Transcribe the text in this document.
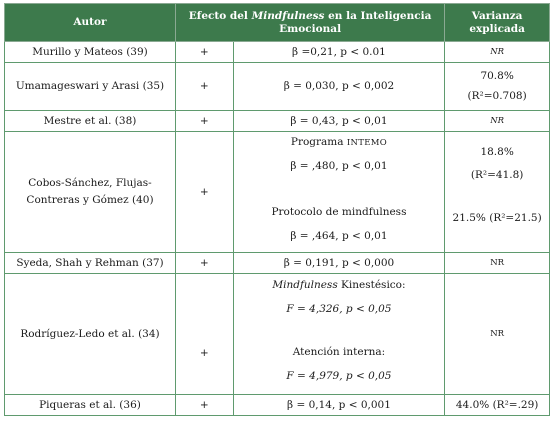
Autor	Efecto del Mindfulness en la Inteligencia Emocional		Varianza explicada
Murillo y Mateos (39)	+	β =0,21, p < 0.01	NR
Umamageswari y Arasi (35)	+	β = 0,030, p < 0,002	70.8%
(R²=0.708)

Mestre et al. (38)	+	β = 0,43, p < 0,01	NR
Cobos-Sánchez, Flujas-Contreras y Gómez (40)	+	Programa INTEMO
β = ,480, p < 0,01
Protocolo de mindfulness
β = ,464, p < 0,01	18.8%
(R²=41.8)
21.5% (R²=21.5)

Syeda, Shah y Rehman (37)	+	β = 0,191, p < 0,000	NR
Rodríguez-Ledo et al. (34)	+	Mindfulness Kinestésico:
F = 4,326, p < 0,05
Atención interna:
F = 4,979, p < 0,05	NR
Piqueras et al. (36)	+	β = 0,14, p < 0,001	44.0% (R²=.29)
